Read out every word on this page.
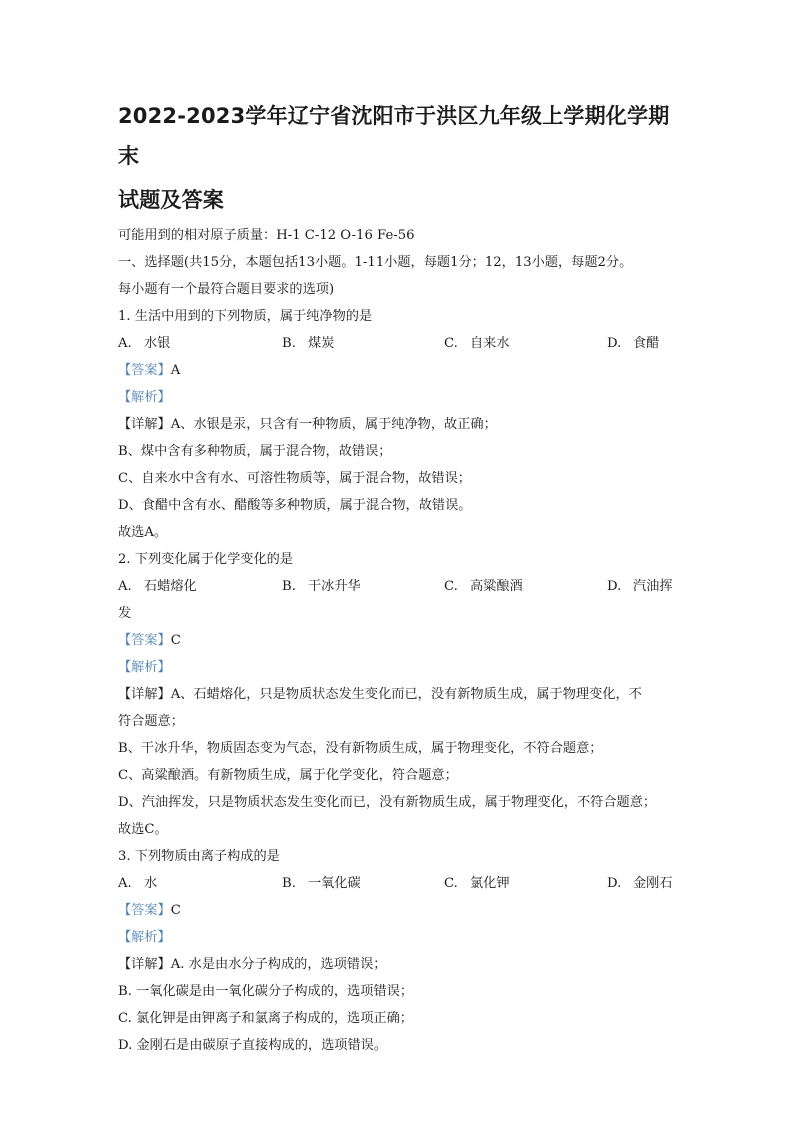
2022-2023学年辽宁省沈阳市于洪区九年级上学期化学期末
试题及答案
可能用到的相对原子质量：H-1 C-12 O-16 Fe-56
一、选择题(共15分，本题包括13小题。1-11小题，每题1分；12，13小题，每题2分。
每小题有一个最符合题目要求的选项)
1. 生活中用到的下列物质，属于纯净物的是
A. 水银	B. 煤炭	C. 自来水	D. 食醋
【答案】A
【解析】
【详解】A、水银是汞，只含有一种物质，属于纯净物，故正确；
B、煤中含有多种物质，属于混合物，故错误；
C、自来水中含有水、可溶性物质等，属于混合物，故错误；
D、食醋中含有水、醋酸等多种物质，属于混合物，故错误。
故选A。
2. 下列变化属于化学变化的是
A. 石蜡熔化	B. 干冰升华	C. 高粱酿酒	D. 汽油挥
发
【答案】C
【解析】
【详解】A、石蜡熔化，只是物质状态发生变化而已，没有新物质生成，属于物理变化，不
符合题意；
B、干冰升华，物质固态变为气态，没有新物质生成，属于物理变化，不符合题意；
C、高粱酿酒。有新物质生成，属于化学变化，符合题意；
D、汽油挥发，只是物质状态发生变化而已，没有新物质生成，属于物理变化，不符合题意；
故选C。
3. 下列物质由离子构成的是
A. 水	B. 一氧化碳	C. 氯化钾	D. 金刚石
【答案】C
【解析】
【详解】A. 水是由水分子构成的，选项错误；
B. 一氧化碳是由一氧化碳分子构成的，选项错误；
C. 氯化钾是由钾离子和氯离子构成的，选项正确；
D. 金刚石是由碳原子直接构成的，选项错误。
